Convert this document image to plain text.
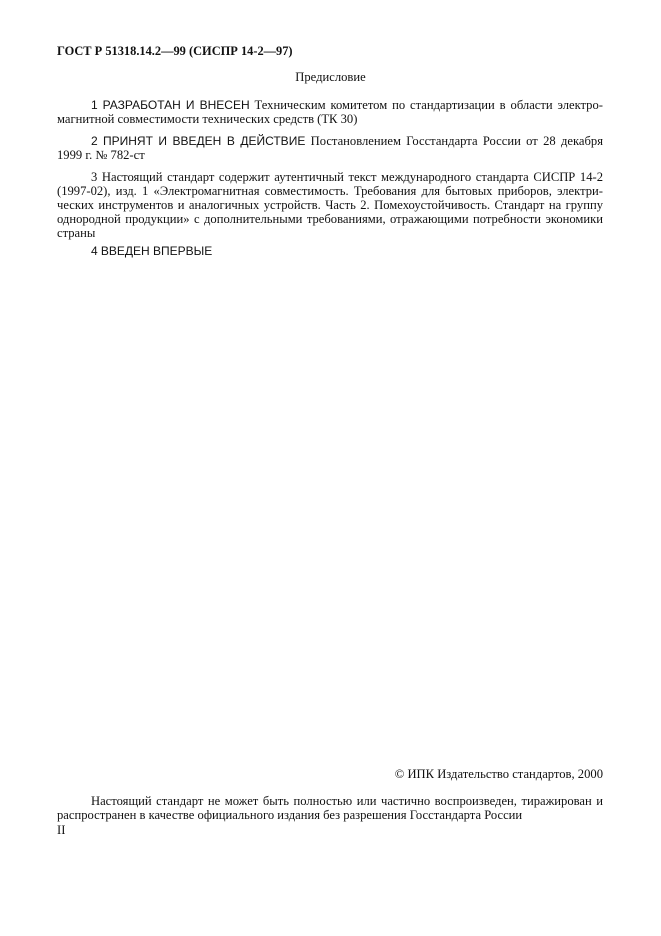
ГОСТ Р 51318.14.2—99 (СИСПР 14-2—97)
Предисловие
1 РАЗРАБОТАН И ВНЕСЕН Техническим комитетом по стандартизации в области электро-
магнитной совместимости технических средств (ТК 30)
2 ПРИНЯТ И ВВЕДЕН В ДЕЙСТВИЕ Постановлением Госстандарта России от 28 декабря
1999 г. № 782-ст
3 Настоящий стандарт содержит аутентичный текст международного стандарта СИСПР 14-2
(1997-02), изд. 1 «Электромагнитная совместимость. Требования для бытовых приборов, электри-
ческих инструментов и аналогичных устройств. Часть 2. Помехоустойчивость. Стандарт на группу
однородной продукции» с дополнительными требованиями, отражающими потребности экономики
страны
4 ВВЕДЕН ВПЕРВЫЕ
© ИПК Издательство стандартов, 2000
Настоящий стандарт не может быть полностью или частично воспроизведен, тиражирован и
распространен в качестве официального издания без разрешения Госстандарта России
II
